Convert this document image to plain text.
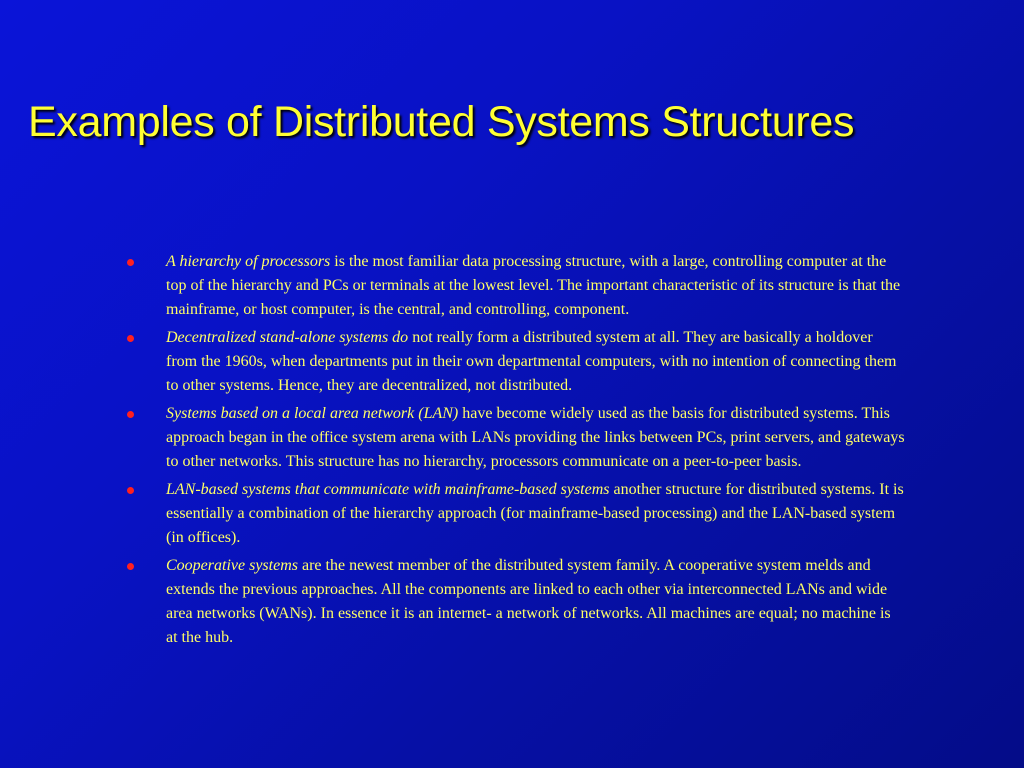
Examples of Distributed Systems Structures
A hierarchy of processors is the most familiar data processing structure, with a large, controlling computer at the top of the hierarchy and PCs or terminals at the lowest level. The important characteristic of its structure is that the mainframe, or host computer, is the central, and controlling, component.
Decentralized stand-alone systems do not really form a distributed system at all. They are basically a holdover from the 1960s, when departments put in their own departmental computers, with no intention of connecting them to other systems. Hence, they are decentralized, not distributed.
Systems based on a local area network (LAN) have become widely used as the basis for distributed systems. This approach began in the office system arena with LANs providing the links between PCs, print servers, and gateways to other networks. This structure has no hierarchy, processors communicate on a peer-to-peer basis.
LAN-based systems that communicate with mainframe-based systems another structure for distributed systems. It is essentially a combination of the hierarchy approach (for mainframe-based processing) and the LAN-based system (in offices).
Cooperative systems are the newest member of the distributed system family. A cooperative system melds and extends the previous approaches. All the components are linked to each other via interconnected LANs and wide area networks (WANs). In essence it is an internet- a network of networks. All machines are equal; no machine is at the hub.
